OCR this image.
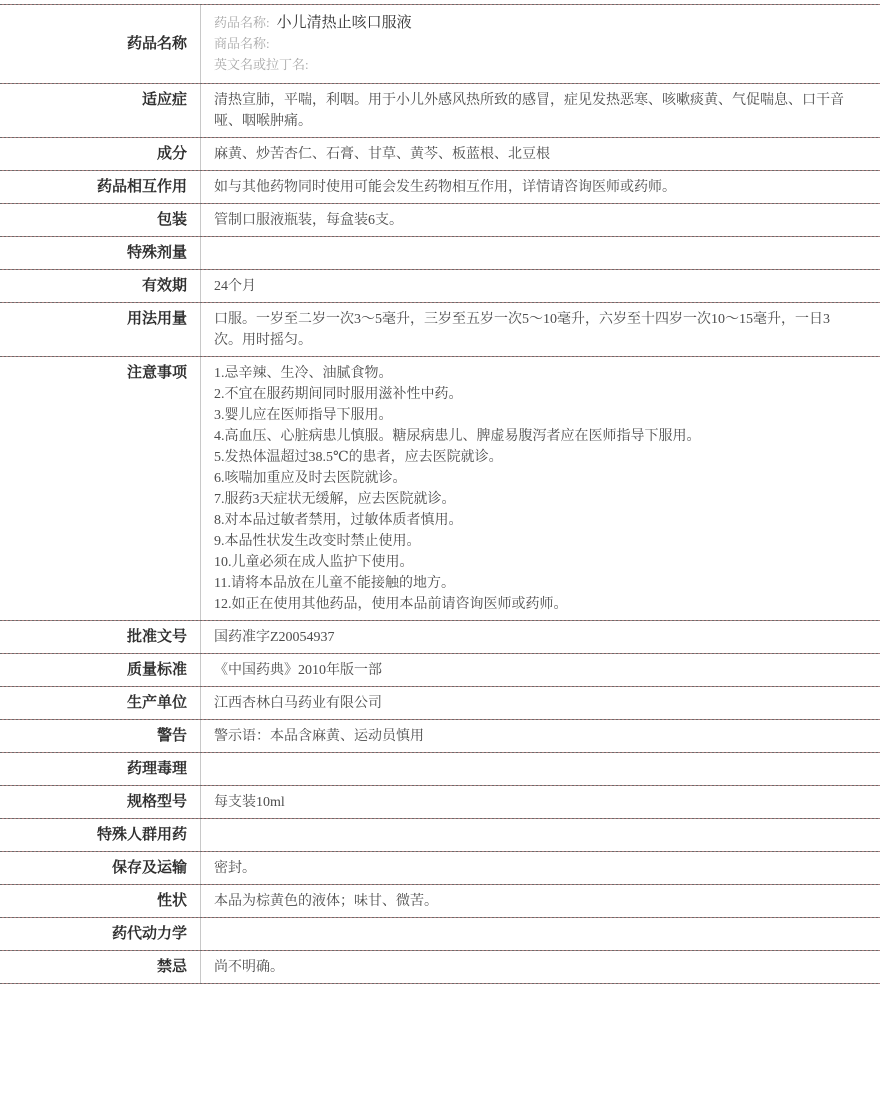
药品名称
药品名称: 小儿清热止咳口服液
商品名称:
英文名或拉丁名:
适应症	清热宣肺，平喘，利咽。用于小儿外感风热所致的感冒，症见发热恶寒、咳嗽痰黄、气促喘息、口干音哑、咽喉肿痛。
成分	麻黄、炒苦杏仁、石膏、甘草、黄芩、板蓝根、北豆根
药品相互作用	如与其他药物同时使用可能会发生药物相互作用，详情请咨询医师或药师。
包装	管制口服液瓶装，每盒装6支。
特殊剂量
有效期	24个月
用法用量	口服。一岁至二岁一次3～5毫升，三岁至五岁一次5～10毫升，六岁至十四岁一次10～15毫升，一日3次。用时摇匀。
注意事项	1.忌辛辣、生冷、油腻食物。
2.不宜在服药期间同时服用滋补性中药。
3.婴儿应在医师指导下服用。
4.高血压、心脏病患儿慎服。糖尿病患儿、脾虚易腹泻者应在医师指导下服用。
5.发热体温超过38.5℃的患者，应去医院就诊。
6.咳喘加重应及时去医院就诊。
7.服药3天症状无缓解，应去医院就诊。
8.对本品过敏者禁用，过敏体质者慎用。
9.本品性状发生改变时禁止使用。
10.儿童必须在成人监护下使用。
11.请将本品放在儿童不能接触的地方。
12.如正在使用其他药品，使用本品前请咨询医师或药师。
批准文号	国药准字Z20054937
质量标准	《中国药典》2010年版一部
生产单位	江西杏林白马药业有限公司
警告	警示语：本品含麻黄、运动员慎用
药理毒理
规格型号	每支装10ml
特殊人群用药
保存及运输	密封。
性状	本品为棕黄色的液体；味甘、微苦。
药代动力学
禁忌	尚不明确。
